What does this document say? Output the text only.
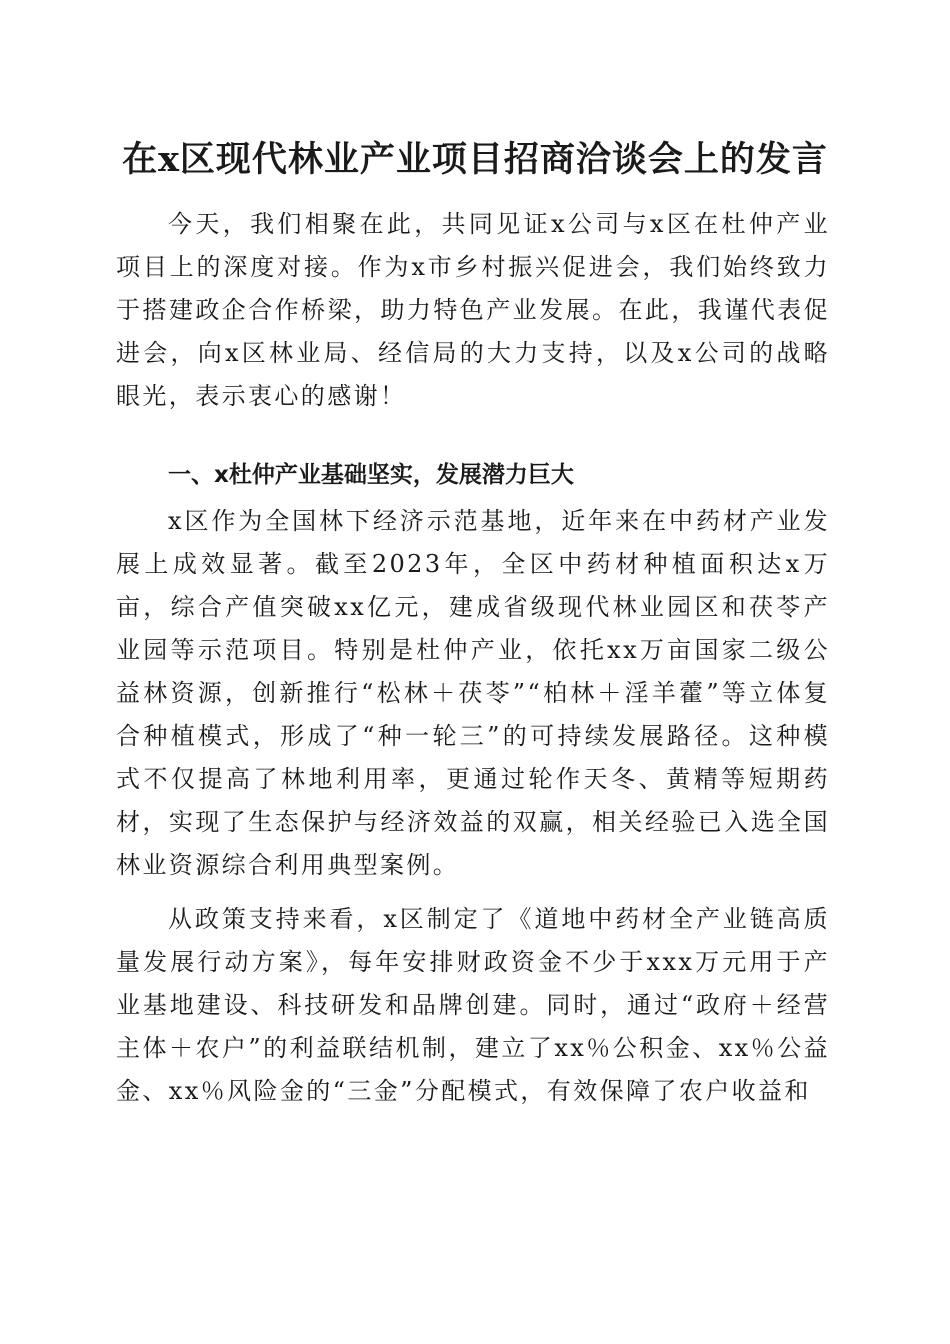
在x区现代林业产业项目招商洽谈会上的发言

今天，我们相聚在此，共同见证x公司与x区在杜仲产业项目上的深度对接。作为x市乡村振兴促进会，我们始终致力于搭建政企合作桥梁，助力特色产业发展。在此，我谨代表促进会，向x区林业局、经信局的大力支持，以及x公司的战略眼光，表示衷心的感谢！

一、x杜仲产业基础坚实，发展潜力巨大

x区作为全国林下经济示范基地，近年来在中药材产业发展上成效显著。截至2023年，全区中药材种植面积达x万亩，综合产值突破xx亿元，建成省级现代林业园区和茯苓产业园等示范项目。特别是杜仲产业，依托xx万亩国家二级公益林资源，创新推行“松林＋茯苓”“柏林＋淫羊藿”等立体复合种植模式，形成了“种一轮三”的可持续发展路径。这种模式不仅提高了林地利用率，更通过轮作天冬、黄精等短期药材，实现了生态保护与经济效益的双赢，相关经验已入选全国林业资源综合利用典型案例。

从政策支持来看，x区制定了《道地中药材全产业链高质量发展行动方案》，每年安排财政资金不少于xxx万元用于产业基地建设、科技研发和品牌创建。同时，通过“政府＋经营主体＋农户”的利益联结机制，建立了xx％公积金、xx％公益金、xx％风险金的“三金”分配模式，有效保障了农户收益和
